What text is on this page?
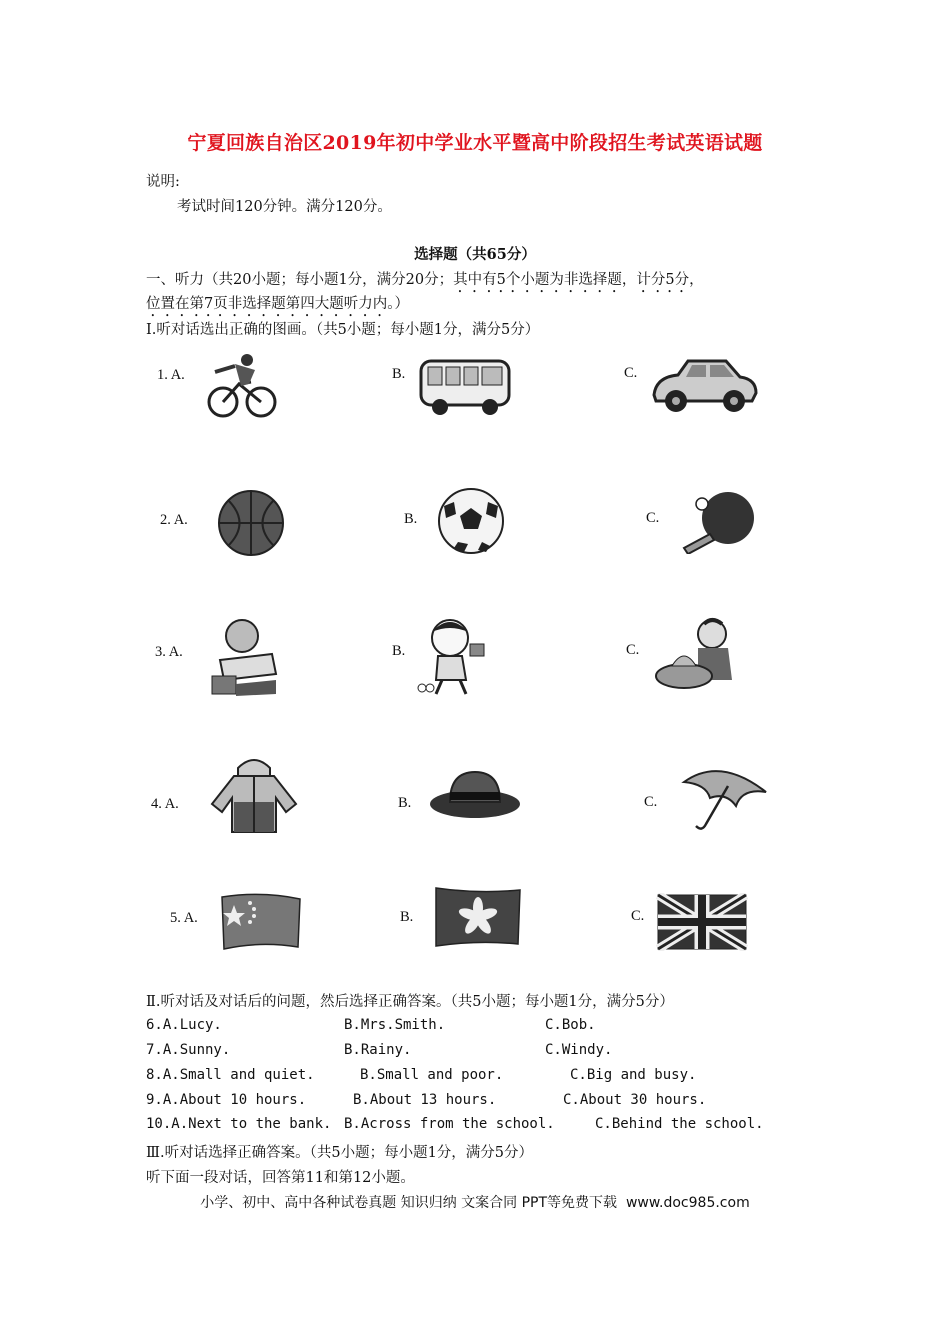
宁夏回族自治区2019年初中学业水平暨高中阶段招生考试英语试题
说明:
考试时间120分钟。满分120分。
选择题（共65分）
一、听力（共20小题；每小题1分，满分20分；其中有5个小题为非选择题，计分5分，
位置在第7页非选择题第四大题听力内。）
Ⅰ.听对话选出正确的图画。（共5小题；每小题1分，满分5分）
1. A.	B.	C.
2. A.	B.	C.
3. A.	B.	C.
4. A.	B.	C.
5. A.	B.	C.
Ⅱ.听对话及对话后的问题，然后选择正确答案。（共5小题；每小题1分，满分5分）
6.A.Lucy.	B.Mrs.Smith.	C.Bob.
7.A.Sunny.	B.Rainy.	C.Windy.
8.A.Small and quiet.	B.Small and poor.	C.Big and busy.
9.A.About 10 hours.	B.About 13 hours.	C.About 30 hours.
10.A.Next to the bank. B.Across from the school.	C.Behind the school.
Ⅲ.听对话选择正确答案。（共5小题；每小题1分，满分5分）
听下面一段对话，回答第11和第12小题。
小学、初中、高中各种试卷真题 知识归纳 文案合同 PPT等免费下载 www.doc985.com
